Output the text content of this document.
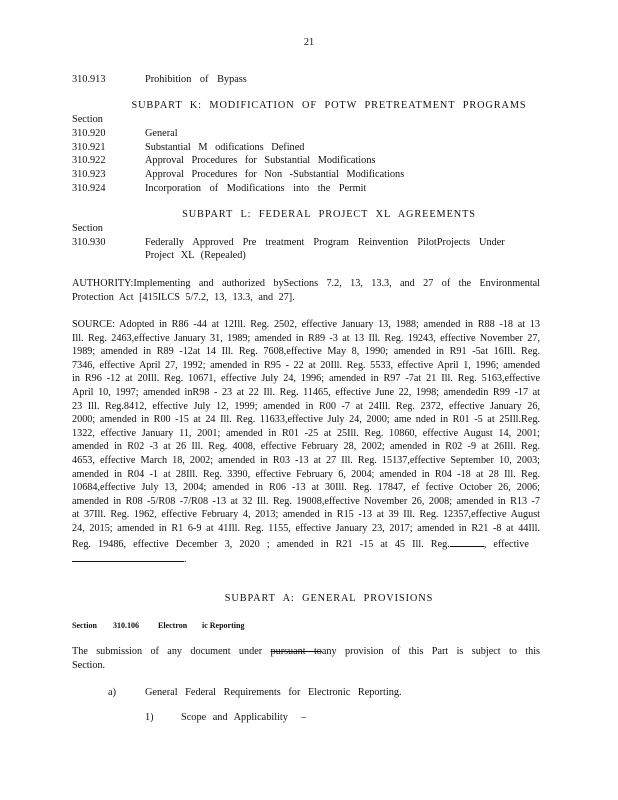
21
310.913	Prohibition of Bypass
SUBPART K: MODIFICATION OF POTW PRETREATMENT PROGRAMS
Section
310.920	General
310.921	Substantial M odifications Defined
310.922	Approval Procedures for Substantial Modifications
310.923	Approval Procedures for Non -Substantial Modifications
310.924	Incorporation of Modifications into the Permit
SUBPART L: FEDERAL PROJECT XL AGREEMENTS
Section
310.930	Federally Approved Pre treatment Program Reinvention PilotProjects Under
Project XL (Repealed)
AUTHORITY:Implementing and authorized bySections 7.2, 13, 13.3, and 27 of the Environmental Protection Act [415ILCS 5/7.2, 13, 13.3, and 27].
SOURCE: Adopted in R86 -44 at 12Ill. Reg. 2502, effective January 13, 1988; amended in R88 -18 at 13 Ill. Reg. 2463,effective January 31, 1989; amended in R89 -3 at 13 Ill. Reg. 19243, effective November 27, 1989; amended in R89 -12at 14 Ill. Reg. 7608,effective May 8, 1990; amended in R91 -5at 16Ill. Reg. 7346, effective April 27, 1992; amended in R95 - 22 at 20Ill. Reg. 5533, effective April 1, 1996; amended in R96 -12 at 20Ill. Reg. 10671, effective July 24, 1996; amended in R97 -7at 21 Ill. Reg. 5163,effective April 10, 1997; amended inR98 - 23 at 22 Ill. Reg. 11465, effective June 22, 1998; amendedin R99 -17 at 23 Ill. Reg.8412, effective July 12, 1999; amended in R00 -7 at 24Ill. Reg. 2372, effective January 26, 2000; amended in R00 -15 at 24 Ill. Reg. 11633,effective July 24, 2000; ame nded in R01 -5 at 25Ill.Reg. 1322, effective January 11, 2001; amended in R01 -25 at 25Ill. Reg. 10860, effective August 14, 2001; amended in R02 -3 at 26 Ill. Reg. 4008, effective February 28, 2002; amended in R02 -9 at 26Ill. Reg. 4653, effective March 18, 2002; amended in R03 -13 at 27 Ill. Reg. 15137,effective September 10, 2003; amended in R04 -1 at 28Ill. Reg. 3390, effective February 6, 2004; amended in R04 -18 at 28 Ill. Reg. 10684,effective July 13, 2004; amended in R06 -13 at 30Ill. Reg. 17847, ef fective October 26, 2006; amended in R08 -5/R08 -7/R08 -13 at 32 Ill. Reg. 19008,effective November 26, 2008; amended in R13 -7 at 37Ill. Reg. 1962, effective February 4, 2013; amended in R15 -13 at 39 Ill. Reg. 12357,effective August 24, 2015; amended in R1 6-9 at 41Ill. Reg. 1155, effective January 23, 2017; amended in R21 -8 at 44Ill. Reg. 19486, effective December 3, 2020 ; amended in R21 -15 at 45 Ill. Reg.	, effective  .
SUBPART A: GENERAL PROVISIONS
Section 310.106 Electron ic Reporting
The submission of any document under pursuant toany provision of this Part is subject to this Section.
a)	General Federal Requirements for Electronic Reporting.
1)	Scope and Applicability –
